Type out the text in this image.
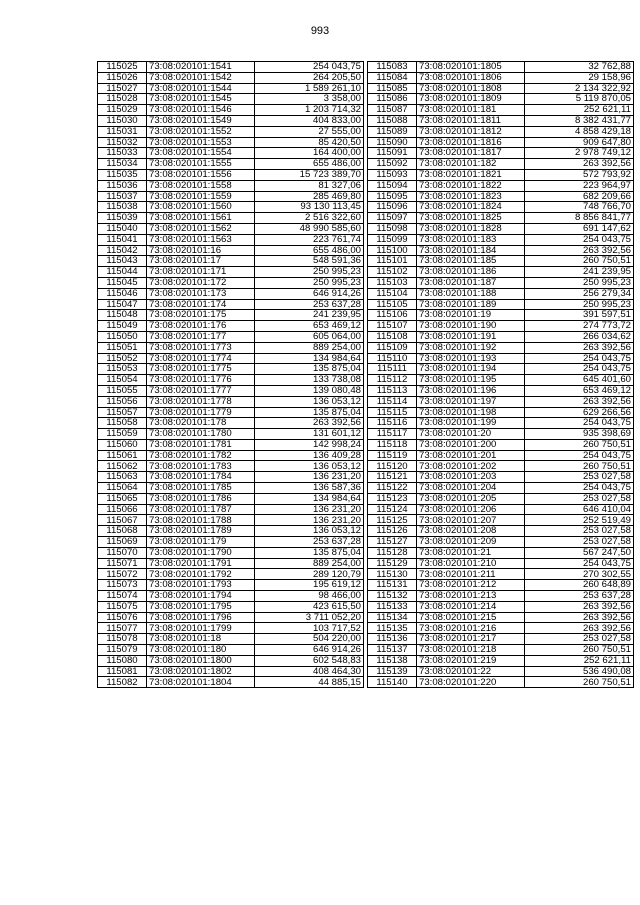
993
115025	73:08:020101:1541	254 043,75
115026	73:08:020101:1542	264 205,50
115027	73:08:020101:1544	1 589 261,10
115028	73:08:020101:1545	3 358,00
115029	73:08:020101:1546	1 203 714,32
115030	73:08:020101:1549	404 833,00
115031	73:08:020101:1552	27 555,00
115032	73:08:020101:1553	85 420,50
115033	73:08:020101:1554	164 400,00
115034	73:08:020101:1555	655 486,00
115035	73:08:020101:1556	15 723 389,70
115036	73:08:020101:1558	81 327,06
115037	73:08:020101:1559	285 469,80
115038	73:08:020101:1560	93 130 113,45
115039	73:08:020101:1561	2 516 322,60
115040	73:08:020101:1562	48 990 585,60
115041	73:08:020101:1563	223 761,74
115042	73:08:020101:16	655 486,00
115043	73:08:020101:17	548 591,36
115044	73:08:020101:171	250 995,23
115045	73:08:020101:172	250 995,23
115046	73:08:020101:173	646 914,26
115047	73:08:020101:174	253 637,28
115048	73:08:020101:175	241 239,95
115049	73:08:020101:176	653 469,12
115050	73:08:020101:177	605 064,00
115051	73:08:020101:1773	889 254,00
115052	73:08:020101:1774	134 984,64
115053	73:08:020101:1775	135 875,04
115054	73:08:020101:1776	133 738,08
115055	73:08:020101:1777	139 080,48
115056	73:08:020101:1778	136 053,12
115057	73:08:020101:1779	135 875,04
115058	73:08:020101:178	263 392,56
115059	73:08:020101:1780	131 601,12
115060	73:08:020101:1781	142 998,24
115061	73:08:020101:1782	136 409,28
115062	73:08:020101:1783	136 053,12
115063	73:08:020101:1784	136 231,20
115064	73:08:020101:1785	136 587,36
115065	73:08:020101:1786	134 984,64
115066	73:08:020101:1787	136 231,20
115067	73:08:020101:1788	136 231,20
115068	73:08:020101:1789	136 053,12
115069	73:08:020101:179	253 637,28
115070	73:08:020101:1790	135 875,04
115071	73:08:020101:1791	889 254,00
115072	73:08:020101:1792	289 120,79
115073	73:08:020101:1793	195 619,12
115074	73:08:020101:1794	98 466,00
115075	73:08:020101:1795	423 615,50
115076	73:08:020101:1796	3 711 052,20
115077	73:08:020101:1799	103 717,52
115078	73:08:020101:18	504 220,00
115079	73:08:020101:180	646 914,26
115080	73:08:020101:1800	602 548,83
115081	73:08:020101:1802	408 464,30
115082	73:08:020101:1804	44 885,15
115083	73:08:020101:1805	32 762,88
115084	73:08:020101:1806	29 158,96
115085	73:08:020101:1808	2 134 322,92
115086	73:08:020101:1809	5 119 870,05
115087	73:08:020101:181	252 621,11
115088	73:08:020101:1811	8 382 431,77
115089	73:08:020101:1812	4 858 429,18
115090	73:08:020101:1816	909 647,80
115091	73:08:020101:1817	2 978 749,12
115092	73:08:020101:182	263 392,56
115093	73:08:020101:1821	572 793,92
115094	73:08:020101:1822	223 964,97
115095	73:08:020101:1823	682 209,66
115096	73:08:020101:1824	748 766,70
115097	73:08:020101:1825	8 856 841,77
115098	73:08:020101:1828	691 147,62
115099	73:08:020101:183	254 043,75
115100	73:08:020101:184	263 392,56
115101	73:08:020101:185	260 750,51
115102	73:08:020101:186	241 239,95
115103	73:08:020101:187	250 995,23
115104	73:08:020101:188	256 279,34
115105	73:08:020101:189	250 995,23
115106	73:08:020101:19	391 597,51
115107	73:08:020101:190	274 773,72
115108	73:08:020101:191	266 034,62
115109	73:08:020101:192	263 392,56
115110	73:08:020101:193	254 043,75
115111	73:08:020101:194	254 043,75
115112	73:08:020101:195	645 401,60
115113	73:08:020101:196	653 469,12
115114	73:08:020101:197	263 392,56
115115	73:08:020101:198	629 266,56
115116	73:08:020101:199	254 043,75
115117	73:08:020101:20	935 398,69
115118	73:08:020101:200	260 750,51
115119	73:08:020101:201	254 043,75
115120	73:08:020101:202	260 750,51
115121	73:08:020101:203	253 027,58
115122	73:08:020101:204	254 043,75
115123	73:08:020101:205	253 027,58
115124	73:08:020101:206	646 410,04
115125	73:08:020101:207	252 519,49
115126	73:08:020101:208	253 027,58
115127	73:08:020101:209	253 027,58
115128	73:08:020101:21	567 247,50
115129	73:08:020101:210	254 043,75
115130	73:08:020101:211	270 302,55
115131	73:08:020101:212	260 648,89
115132	73:08:020101:213	253 637,28
115133	73:08:020101:214	263 392,56
115134	73:08:020101:215	263 392,56
115135	73:08:020101:216	263 392,56
115136	73:08:020101:217	253 027,58
115137	73:08:020101:218	260 750,51
115138	73:08:020101:219	252 621,11
115139	73:08:020101:22	536 490,08
115140	73:08:020101:220	260 750,51
